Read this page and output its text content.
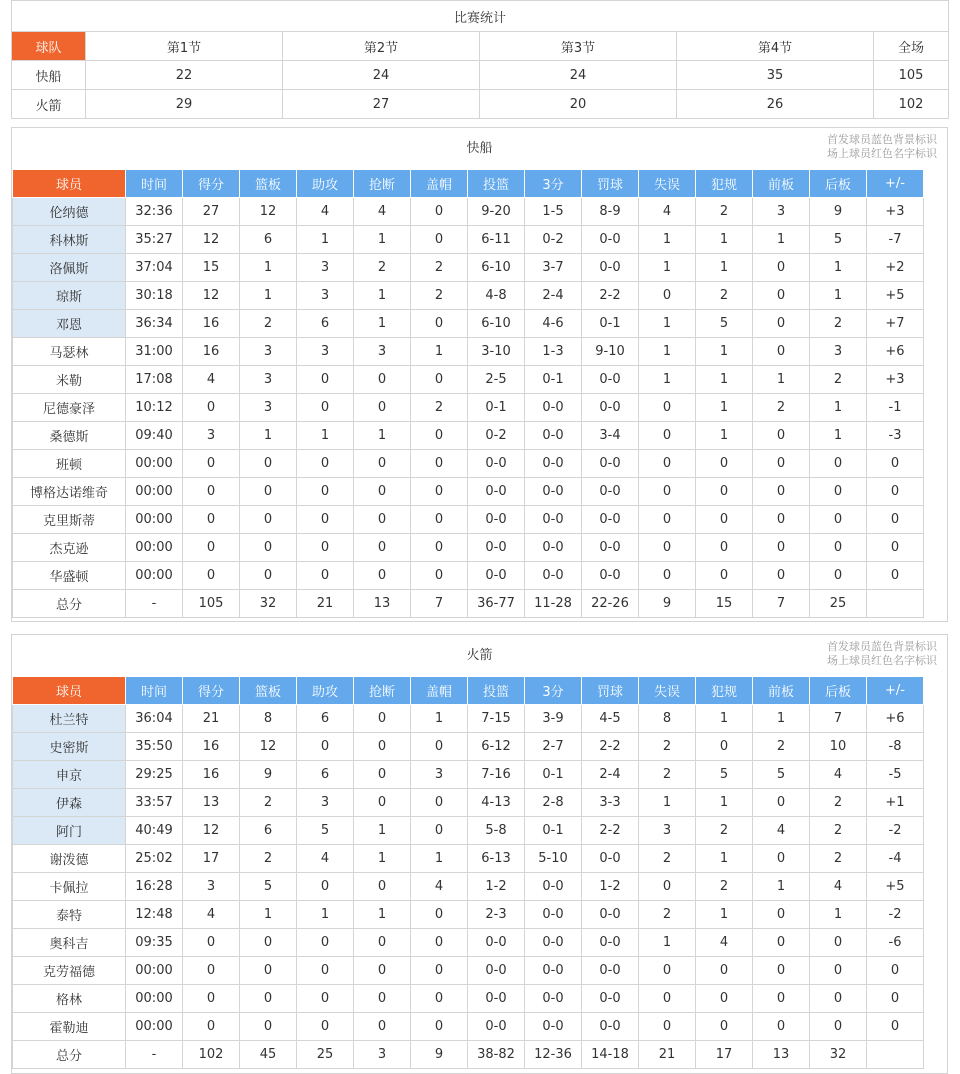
比赛统计					
球队	第1节	第2节	第3节	第4节	全场
快船	22	24	24	35	105
火箭	29	27	20	26	102
快船
首发球员蓝色背景标识
场上球员红色名字标识
球员	时间	得分	篮板	助攻	抢断	盖帽	投篮	3分	罚球	失误	犯规	前板	后板	+/-
伦纳德	32:36	27	12	4	4	0	9-20	1-5	8-9	4	2	3	9	+3
科林斯	35:27	12	6	1	1	0	6-11	0-2	0-0	1	1	1	5	-7
洛佩斯	37:04	15	1	3	2	2	6-10	3-7	0-0	1	1	0	1	+2
琼斯	30:18	12	1	3	1	2	4-8	2-4	2-2	0	2	0	1	+5
邓恩	36:34	16	2	6	1	0	6-10	4-6	0-1	1	5	0	2	+7
马瑟林	31:00	16	3	3	3	1	3-10	1-3	9-10	1	1	0	3	+6
米勒	17:08	4	3	0	0	0	2-5	0-1	0-0	1	1	1	2	+3
尼德豪泽	10:12	0	3	0	0	2	0-1	0-0	0-0	0	1	2	1	-1
桑德斯	09:40	3	1	1	1	0	0-2	0-0	3-4	0	1	0	1	-3
班顿	00:00	0	0	0	0	0	0-0	0-0	0-0	0	0	0	0	0
博格达诺维奇	00:00	0	0	0	0	0	0-0	0-0	0-0	0	0	0	0	0
克里斯蒂	00:00	0	0	0	0	0	0-0	0-0	0-0	0	0	0	0	0
杰克逊	00:00	0	0	0	0	0	0-0	0-0	0-0	0	0	0	0	0
华盛顿	00:00	0	0	0	0	0	0-0	0-0	0-0	0	0	0	0	0
总分	-	105	32	21	13	7	36-77	11-28	22-26	9	15	7	25	
火箭
首发球员蓝色背景标识
场上球员红色名字标识
球员	时间	得分	篮板	助攻	抢断	盖帽	投篮	3分	罚球	失误	犯规	前板	后板	+/-
杜兰特	36:04	21	8	6	0	1	7-15	3-9	4-5	8	1	1	7	+6
史密斯	35:50	16	12	0	0	0	6-12	2-7	2-2	2	0	2	10	-8
申京	29:25	16	9	6	0	3	7-16	0-1	2-4	2	5	5	4	-5
伊森	33:57	13	2	3	0	0	4-13	2-8	3-3	1	1	0	2	+1
阿门	40:49	12	6	5	1	0	5-8	0-1	2-2	3	2	4	2	-2
谢泼德	25:02	17	2	4	1	1	6-13	5-10	0-0	2	1	0	2	-4
卡佩拉	16:28	3	5	0	0	4	1-2	0-0	1-2	0	2	1	4	+5
泰特	12:48	4	1	1	1	0	2-3	0-0	0-0	2	1	0	1	-2
奥科吉	09:35	0	0	0	0	0	0-0	0-0	0-0	1	4	0	0	-6
克劳福德	00:00	0	0	0	0	0	0-0	0-0	0-0	0	0	0	0	0
格林	00:00	0	0	0	0	0	0-0	0-0	0-0	0	0	0	0	0
霍勒迪	00:00	0	0	0	0	0	0-0	0-0	0-0	0	0	0	0	0
总分	-	102	45	25	3	9	38-82	12-36	14-18	21	17	13	32	
